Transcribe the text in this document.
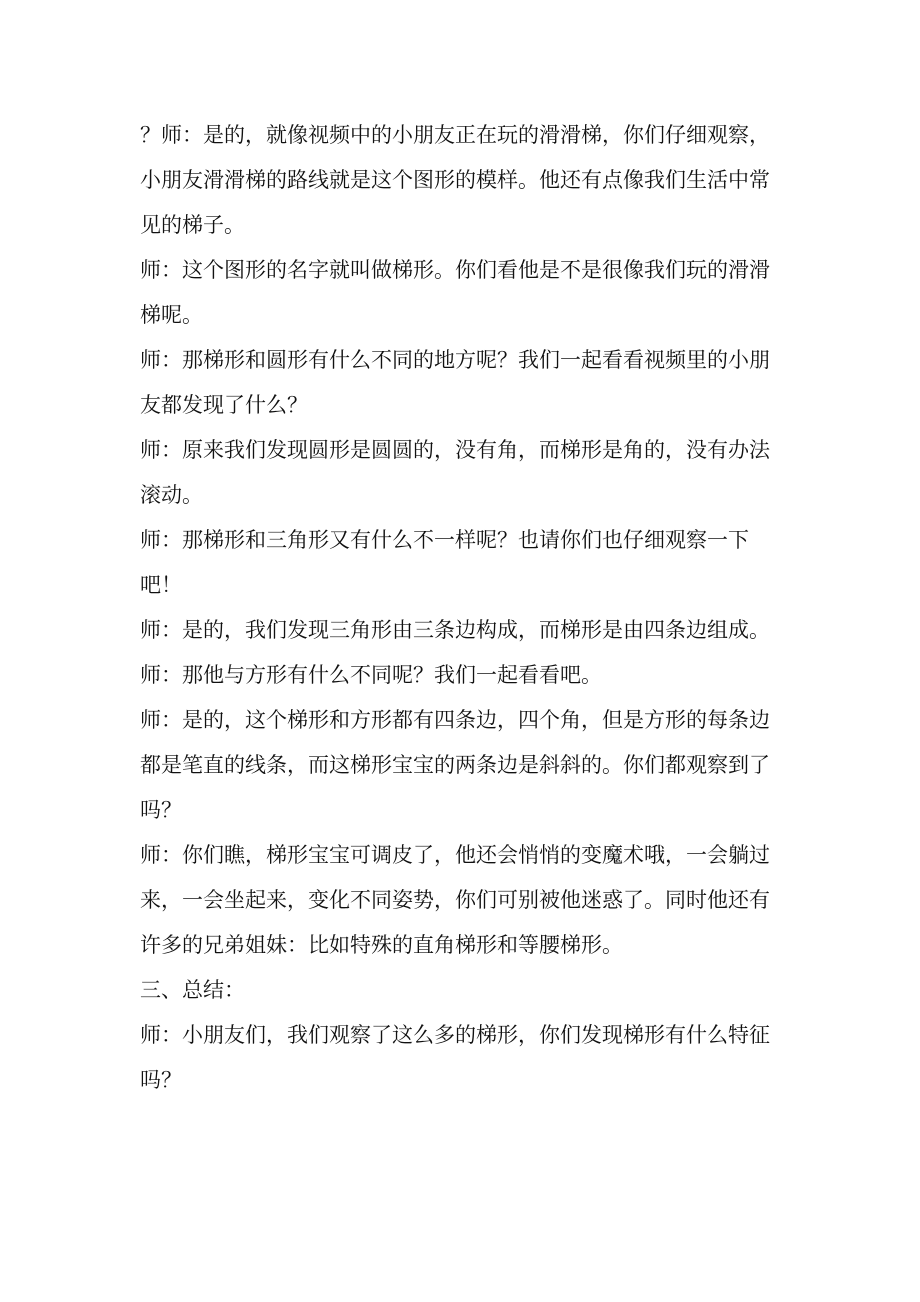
？师：是的，就像视频中的小朋友正在玩的滑滑梯，你们仔细观察，
小朋友滑滑梯的路线就是这个图形的模样。他还有点像我们生活中常
见的梯子。

师：这个图形的名字就叫做梯形。你们看他是不是很像我们玩的滑滑
梯呢。

师：那梯形和圆形有什么不同的地方呢？我们一起看看视频里的小朋
友都发现了什么？

师：原来我们发现圆形是圆圆的，没有角，而梯形是角的，没有办法
滚动。

师：那梯形和三角形又有什么不一样呢？也请你们也仔细观察一下
吧！

师：是的，我们发现三角形由三条边构成，而梯形是由四条边组成。

师：那他与方形有什么不同呢？我们一起看看吧。

师：是的，这个梯形和方形都有四条边，四个角，但是方形的每条边
都是笔直的线条，而这梯形宝宝的两条边是斜斜的。你们都观察到了
吗？

师：你们瞧，梯形宝宝可调皮了，他还会悄悄的变魔术哦，一会躺过
来，一会坐起来，变化不同姿势，你们可别被他迷惑了。同时他还有
许多的兄弟姐妹：比如特殊的直角梯形和等腰梯形。

三、总结：

师：小朋友们，我们观察了这么多的梯形，你们发现梯形有什么特征
吗？
